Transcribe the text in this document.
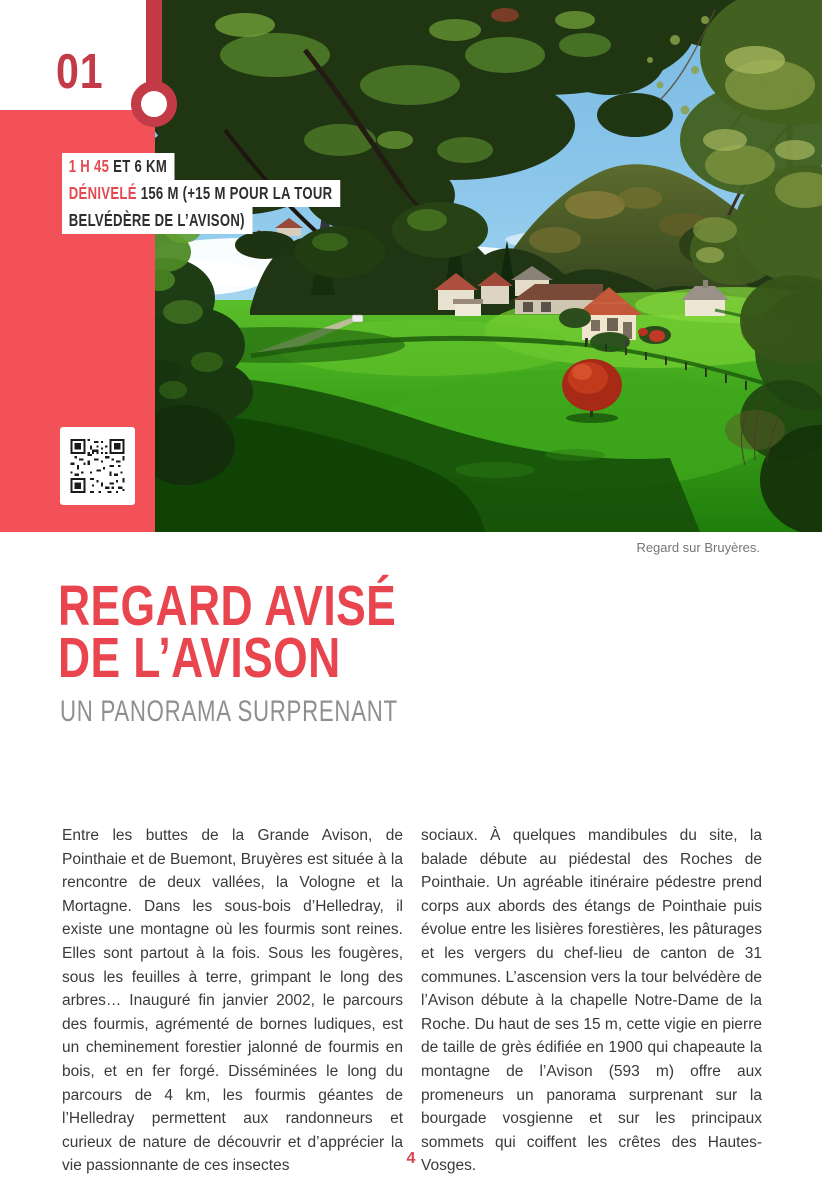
01
1 H 45 ET 6 KM
DÉNIVELÉ 156 M (+15 M POUR LA TOUR
BELVÉDÈRE DE L’AVISON)
Regard sur Bruyères.
REGARD AVISÉ
DE L’AVISON
UN PANORAMA SURPRENANT

Entre les buttes de la Grande Avison, de Pointhaie et de Buemont, Bruyères est située à la rencontre de deux vallées, la Vologne et la Mortagne. Dans les sous-bois d’Helledray, il existe une montagne où les fourmis sont reines. Elles sont partout à la fois. Sous les fougères, sous les feuilles à terre, grimpant le long des arbres… Inauguré fin janvier 2002, le parcours des fourmis, agrémenté de bornes ludiques, est un cheminement forestier jalonné de fourmis en bois, et en fer forgé. Disséminées le long du parcours de 4 km, les fourmis géantes de l’Helledray permettent aux randonneurs et curieux de nature de découvrir et d’apprécier la vie passionnante de ces insectes

sociaux. À quelques mandibules du site, la balade débute au piédestal des Roches de Pointhaie. Un agréable itinéraire pédestre prend corps aux abords des étangs de Pointhaie puis évolue entre les lisières forestières, les pâturages et les vergers du chef-lieu de canton de 31 communes. L’ascension vers la tour belvédère de l’Avison débute à la chapelle Notre-Dame de la Roche. Du haut de ses 15 m, cette vigie en pierre de taille de grès édifiée en 1900 qui chapeaute la montagne de l’Avison (593 m) offre aux promeneurs un panorama surprenant sur la bourgade vosgienne et sur les principaux sommets qui coiffent les crêtes des Hautes-Vosges.

4
